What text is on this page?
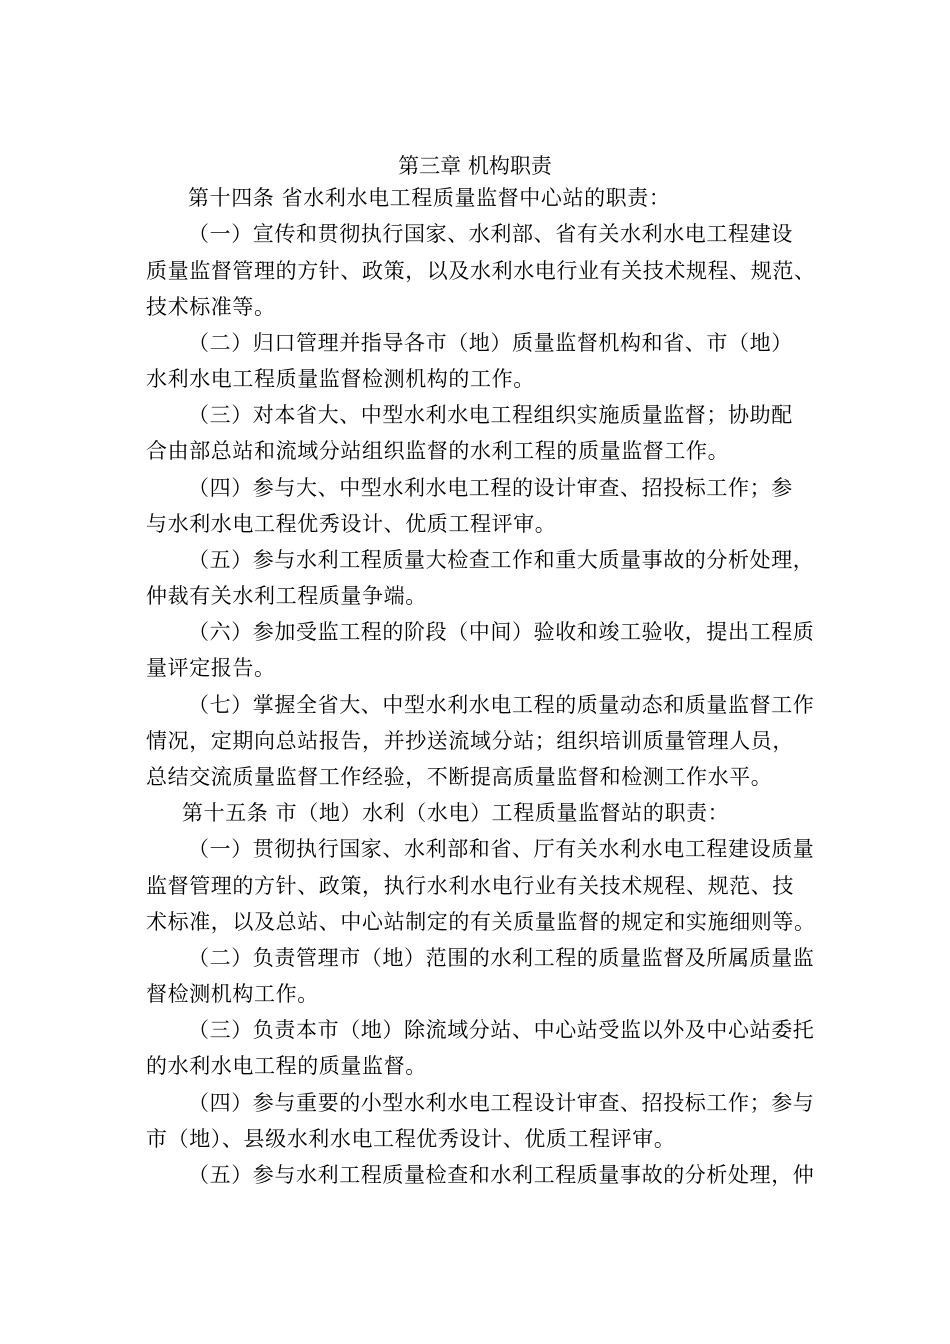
第三章 机构职责
第十四条 省水利水电工程质量监督中心站的职责：
（一）宣传和贯彻执行国家、水利部、省有关水利水电工程建设
质量监督管理的方针、政策，以及水利水电行业有关技术规程、规范、
技术标准等。
（二）归口管理并指导各市（地）质量监督机构和省、市（地）
水利水电工程质量监督检测机构的工作。
（三）对本省大、中型水利水电工程组织实施质量监督；协助配
合由部总站和流域分站组织监督的水利工程的质量监督工作。
（四）参与大、中型水利水电工程的设计审查、招投标工作；参
与水利水电工程优秀设计、优质工程评审。
（五）参与水利工程质量大检查工作和重大质量事故的分析处理，
仲裁有关水利工程质量争端。
（六）参加受监工程的阶段（中间）验收和竣工验收，提出工程质
量评定报告。
（七）掌握全省大、中型水利水电工程的质量动态和质量监督工作
情况，定期向总站报告，并抄送流域分站；组织培训质量管理人员，
总结交流质量监督工作经验，不断提高质量监督和检测工作水平。
第十五条 市（地）水利（水电）工程质量监督站的职责：
（一）贯彻执行国家、水利部和省、厅有关水利水电工程建设质量
监督管理的方针、政策，执行水利水电行业有关技术规程、规范、技
术标准，以及总站、中心站制定的有关质量监督的规定和实施细则等。
（二）负责管理市（地）范围的水利工程的质量监督及所属质量监
督检测机构工作。
（三）负责本市（地）除流域分站、中心站受监以外及中心站委托
的水利水电工程的质量监督。
（四）参与重要的小型水利水电工程设计审查、招投标工作；参与
市（地）、县级水利水电工程优秀设计、优质工程评审。
（五）参与水利工程质量检查和水利工程质量事故的分析处理，仲
